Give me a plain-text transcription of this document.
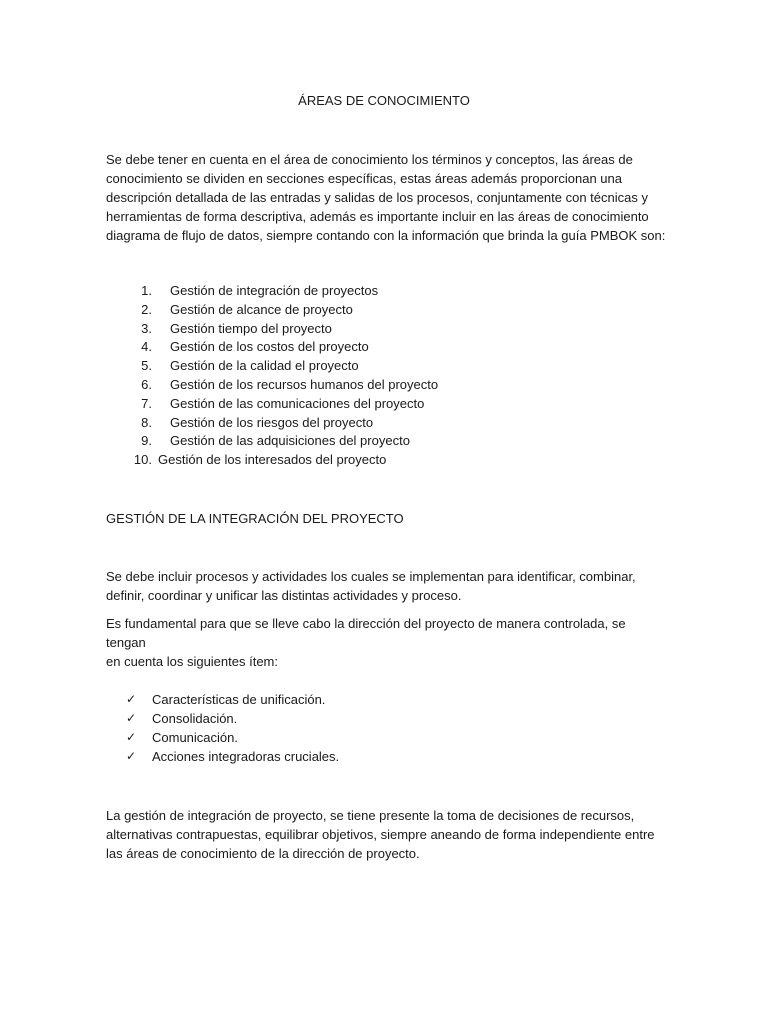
ÁREAS DE CONOCIMIENTO

Se debe tener en cuenta en el área de conocimiento los términos y conceptos, las áreas de
conocimiento se dividen en secciones específicas, estas áreas además proporcionan una
descripción detallada de las entradas y salidas de los procesos, conjuntamente con técnicas y
herramientas de forma descriptiva, además es importante incluir en las áreas de conocimiento
diagrama de flujo de datos, siempre contando con la información que brinda la guía PMBOK son:

1. Gestión de integración de proyectos
2. Gestión de alcance de proyecto
3. Gestión tiempo del proyecto
4. Gestión de los costos del proyecto
5. Gestión de la calidad el proyecto
6. Gestión de los recursos humanos del proyecto
7. Gestión de las comunicaciones del proyecto
8. Gestión de los riesgos del proyecto
9. Gestión de las adquisiciones del proyecto
10. Gestión de los interesados del proyecto
GESTIÓN DE LA INTEGRACIÓN DEL PROYECTO

Se debe incluir procesos y actividades los cuales se implementan para identificar, combinar,
definir, coordinar y unificar las distintas actividades y proceso.

Es fundamental para que se lleve cabo la dirección del proyecto de manera controlada, se tengan
en cuenta los siguientes ítem:

✓	Características de unificación.
✓	Consolidación.
✓	Comunicación.
✓	Acciones integradoras cruciales.

La gestión de integración de proyecto, se tiene presente la toma de decisiones de recursos,
alternativas contrapuestas, equilibrar objetivos, siempre aneando de forma independiente entre
las áreas de conocimiento de la dirección de proyecto.
